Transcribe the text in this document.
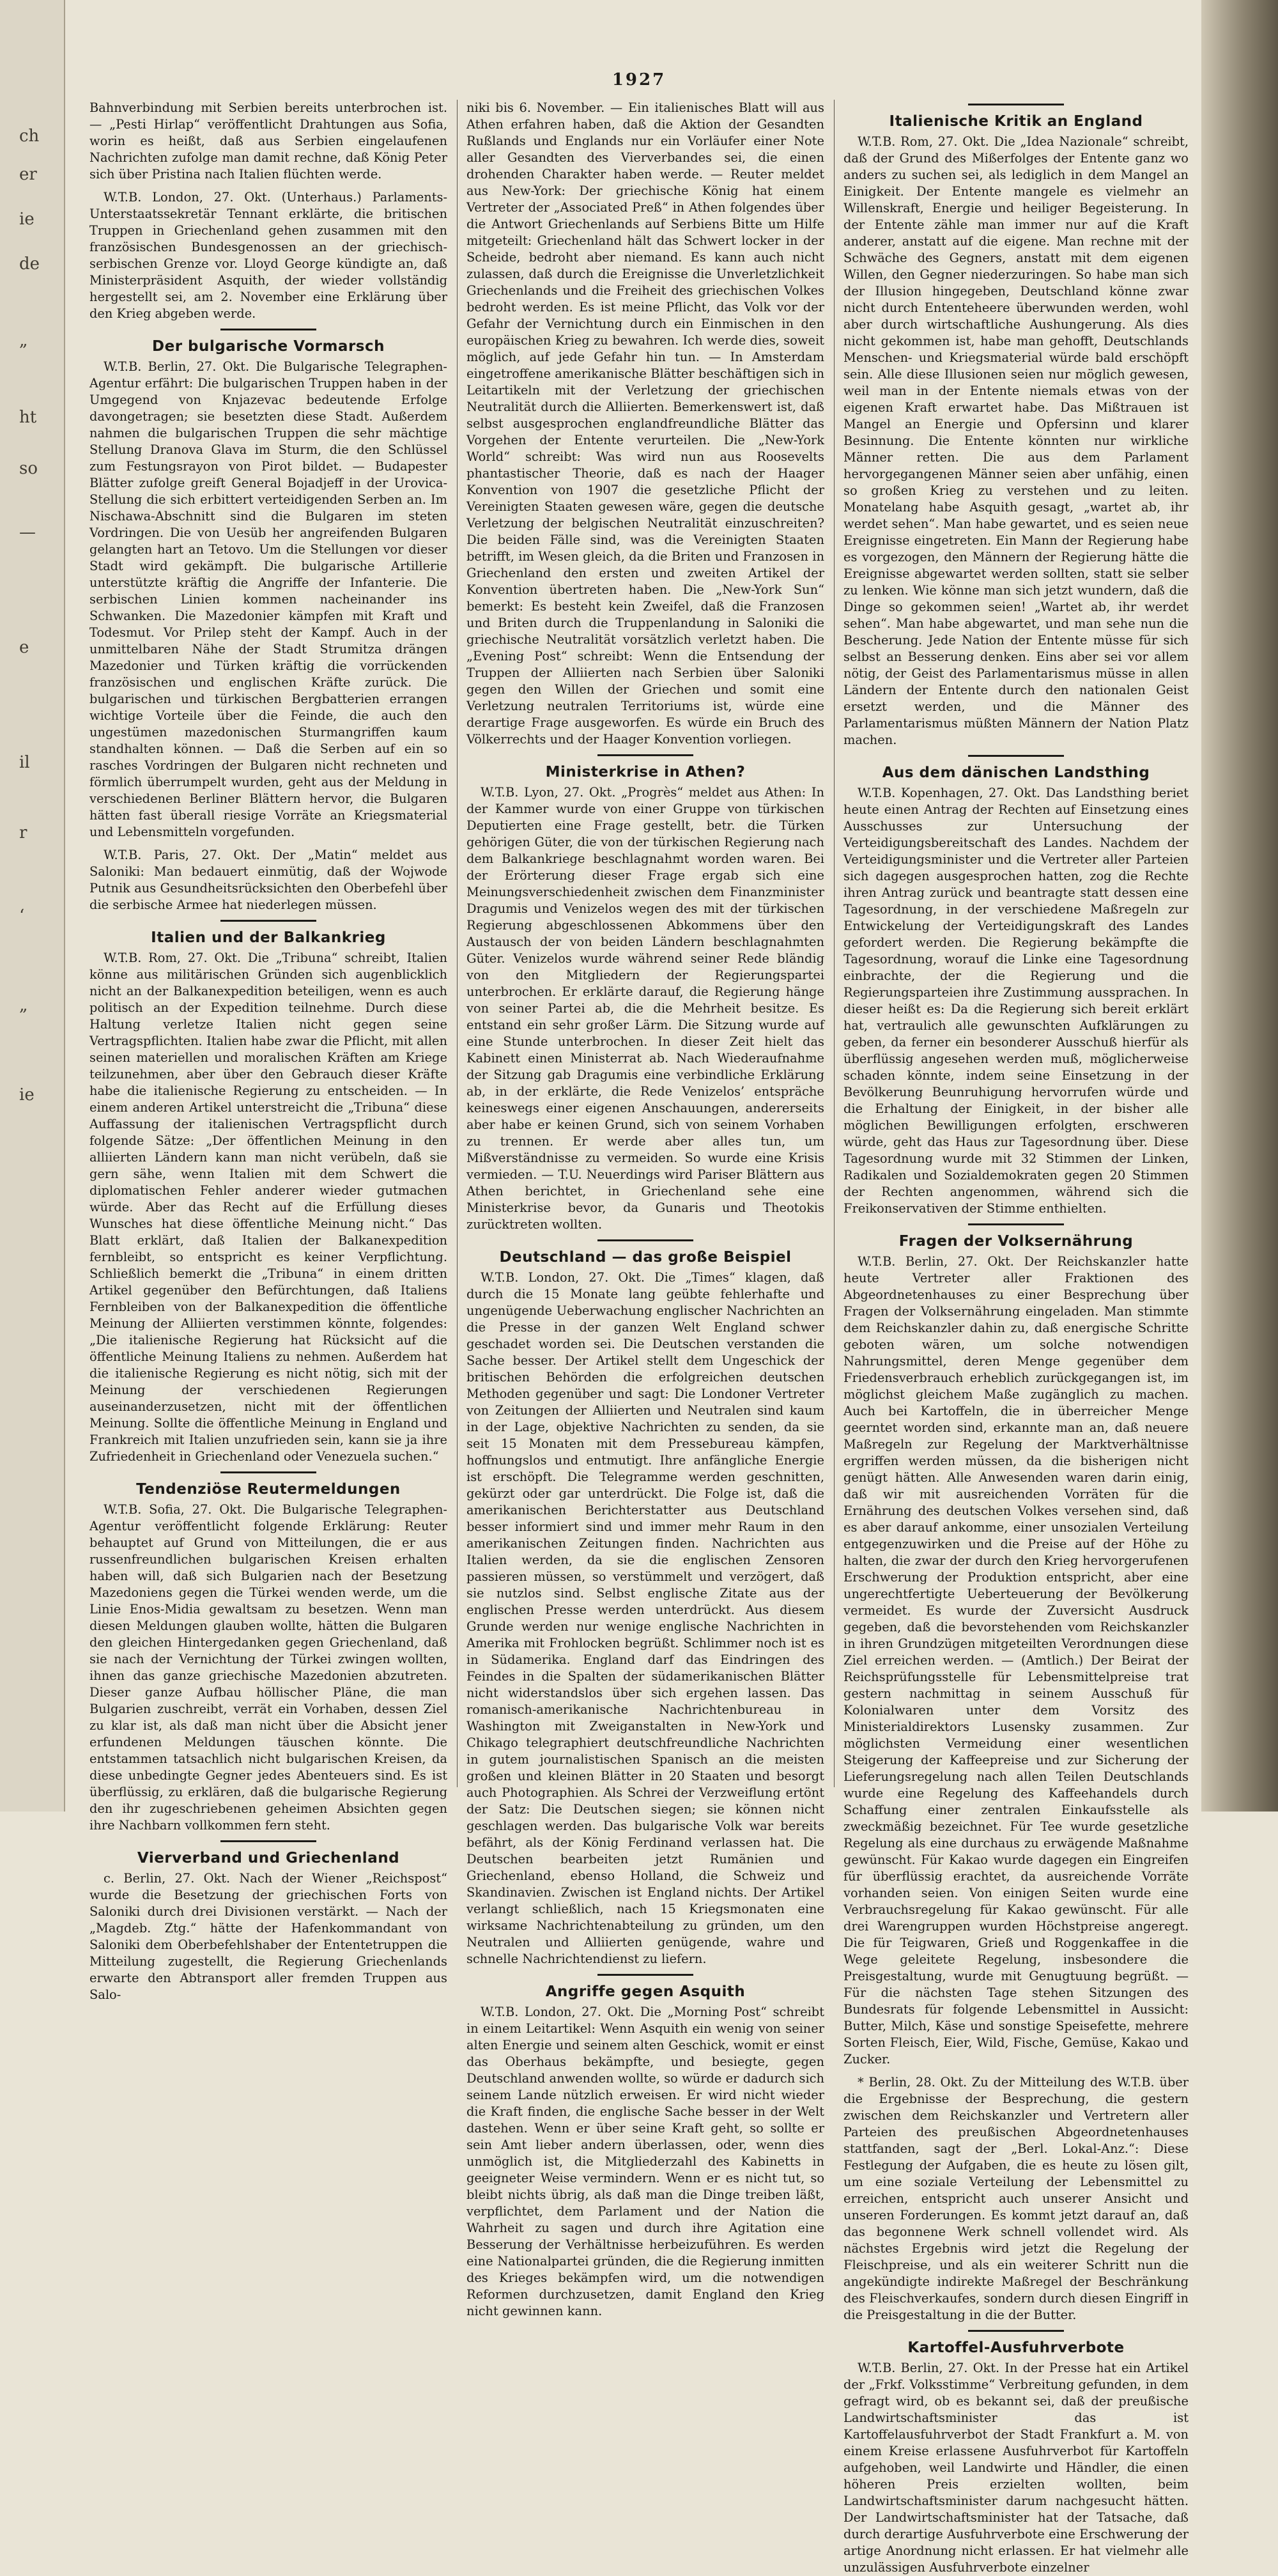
ch
er
ie
de
„
ht
so
—
e
il
r
‘
„
ie
1927

Bahnverbindung mit Serbien bereits unterbrochen ist. — „Pesti Hirlap“ veröffentlicht Drahtungen aus Sofia, worin es heißt, daß aus Serbien eingelaufenen Nachrichten zufolge man damit rechne, daß König Peter sich über Pristina nach Italien flüchten werde.

W.T.B. London, 27. Okt. (Unterhaus.) Parlaments-Unterstaatssekretär Tennant erklärte, die britischen Truppen in Griechenland gehen zusammen mit den französischen Bundesgenossen an der griechisch-serbischen Grenze vor. Lloyd George kündigte an, daß Ministerpräsident Asquith, der wieder vollständig hergestellt sei, am 2. November eine Erklärung über den Krieg abgeben werde.

Der bulgarische Vormarsch

W.T.B. Berlin, 27. Okt. Die Bulgarische Telegraphen-Agentur erfährt: Die bulgarischen Truppen haben in der Umgegend von Knjazevac bedeutende Erfolge davongetragen; sie besetzten diese Stadt. Außerdem nahmen die bulgarischen Truppen die sehr mächtige Stellung Dranova Glava im Sturm, die den Schlüssel zum Festungsrayon von Pirot bildet. — Budapester Blätter zufolge greift General Bojadjeff in der Urovica-Stellung die sich erbittert verteidigenden Serben an. Im Nischawa-Abschnitt sind die Bulgaren im steten Vordringen. Die von Uesüb her angreifenden Bulgaren gelangten hart an Tetovo. Um die Stellungen vor dieser Stadt wird gekämpft. Die bulgarische Artillerie unterstützte kräftig die Angriffe der Infanterie. Die serbischen Linien kommen nacheinander ins Schwanken. Die Mazedonier kämpfen mit Kraft und Todesmut. Vor Prilep steht der Kampf. Auch in der unmittelbaren Nähe der Stadt Strumitza drängen Mazedonier und Türken kräftig die vorrückenden französischen und englischen Kräfte zurück. Die bulgarischen und türkischen Bergbatterien errangen wichtige Vorteile über die Feinde, die auch den ungestümen mazedonischen Sturmangriffen kaum standhalten können. — Daß die Serben auf ein so rasches Vordringen der Bulgaren nicht rechneten und förmlich überrumpelt wurden, geht aus der Meldung in verschiedenen Berliner Blättern hervor, die Bulgaren hätten fast überall riesige Vorräte an Kriegsmaterial und Lebensmitteln vorgefunden.

W.T.B. Paris, 27. Okt. Der „Matin“ meldet aus Saloniki: Man bedauert einmütig, daß der Wojwode Putnik aus Gesundheitsrücksichten den Oberbefehl über die serbische Armee hat niederlegen müssen.

Italien und der Balkankrieg

W.T.B. Rom, 27. Okt. Die „Tribuna“ schreibt, Italien könne aus militärischen Gründen sich augenblicklich nicht an der Balkanexpedition beteiligen, wenn es auch politisch an der Expedition teilnehme. Durch diese Haltung verletze Italien nicht gegen seine Vertragspflichten. Italien habe zwar die Pflicht, mit allen seinen materiellen und moralischen Kräften am Kriege teilzunehmen, aber über den Gebrauch dieser Kräfte habe die italienische Regierung zu entscheiden. — In einem anderen Artikel unterstreicht die „Tribuna“ diese Auffassung der italienischen Vertragspflicht durch folgende Sätze: „Der öffentlichen Meinung in den alliierten Ländern kann man nicht verübeln, daß sie gern sähe, wenn Italien mit dem Schwert die diplomatischen Fehler anderer wieder gutmachen würde. Aber das Recht auf die Erfüllung dieses Wunsches hat diese öffentliche Meinung nicht.“ Das Blatt erklärt, daß Italien der Balkanexpedition fernbleibt, so entspricht es keiner Verpflichtung. Schließlich bemerkt die „Tribuna“ in einem dritten Artikel gegenüber den Befürchtungen, daß Italiens Fernbleiben von der Balkanexpedition die öffentliche Meinung der Alliierten verstimmen könnte, folgendes: „Die italienische Regierung hat Rücksicht auf die öffentliche Meinung Italiens zu nehmen. Außerdem hat die italienische Regierung es nicht nötig, sich mit der Meinung der verschiedenen Regierungen auseinanderzusetzen, nicht mit der öffentlichen Meinung. Sollte die öffentliche Meinung in England und Frankreich mit Italien unzufrieden sein, kann sie ja ihre Zufriedenheit in Griechenland oder Venezuela suchen.“

Tendenziöse Reutermeldungen

W.T.B. Sofia, 27. Okt. Die Bulgarische Telegraphen-Agentur veröffentlicht folgende Erklärung: Reuter behauptet auf Grund von Mitteilungen, die er aus russenfreundlichen bulgarischen Kreisen erhalten haben will, daß sich Bulgarien nach der Besetzung Mazedoniens gegen die Türkei wenden werde, um die Linie Enos-Midia gewaltsam zu besetzen. Wenn man diesen Meldungen glauben wollte, hätten die Bulgaren den gleichen Hintergedanken gegen Griechenland, daß sie nach der Vernichtung der Türkei zwingen wollten, ihnen das ganze griechische Mazedonien abzutreten. Dieser ganze Aufbau höllischer Pläne, die man Bulgarien zuschreibt, verrät ein Vorhaben, dessen Ziel zu klar ist, als daß man nicht über die Absicht jener erfundenen Meldungen täuschen könnte. Die entstammen tatsachlich nicht bulgarischen Kreisen, da diese unbedingte Gegner jedes Abenteuers sind. Es ist überflüssig, zu erklären, daß die bulgarische Regierung den ihr zugeschriebenen geheimen Absichten gegen ihre Nachbarn vollkommen fern steht.

Vierverband und Griechenland

c. Berlin, 27. Okt. Nach der Wiener „Reichspost“ wurde die Besetzung der griechischen Forts von Saloniki durch drei Divisionen verstärkt. — Nach der „Magdeb. Ztg.“ hätte der Hafenkommandant von Saloniki dem Oberbefehlshaber der Ententetruppen die Mitteilung zugestellt, die Regierung Griechenlands erwarte den Abtransport aller fremden Truppen aus Salo-

niki bis 6. November. — Ein italienisches Blatt will aus Athen erfahren haben, daß die Aktion der Gesandten Rußlands und Englands nur ein Vorläufer einer Note aller Gesandten des Vierverbandes sei, die einen drohenden Charakter haben werde. — Reuter meldet aus New-York: Der griechische König hat einem Vertreter der „Associated Preß“ in Athen folgendes über die Antwort Griechenlands auf Serbiens Bitte um Hilfe mitgeteilt: Griechenland hält das Schwert locker in der Scheide, bedroht aber niemand. Es kann auch nicht zulassen, daß durch die Ereignisse die Unverletzlichkeit Griechenlands und die Freiheit des griechischen Volkes bedroht werden. Es ist meine Pflicht, das Volk vor der Gefahr der Vernichtung durch ein Einmischen in den europäischen Krieg zu bewahren. Ich werde dies, soweit möglich, auf jede Gefahr hin tun. — In Amsterdam eingetroffene amerikanische Blätter beschäftigen sich in Leitartikeln mit der Verletzung der griechischen Neutralität durch die Alliierten. Bemerkenswert ist, daß selbst ausgesprochen englandfreundliche Blätter das Vorgehen der Entente verurteilen. Die „New-York World“ schreibt: Was wird nun aus Roosevelts phantastischer Theorie, daß es nach der Haager Konvention von 1907 die gesetzliche Pflicht der Vereinigten Staaten gewesen wäre, gegen die deutsche Verletzung der belgischen Neutralität einzuschreiten? Die beiden Fälle sind, was die Vereinigten Staaten betrifft, im Wesen gleich, da die Briten und Franzosen in Griechenland den ersten und zweiten Artikel der Konvention übertreten haben. Die „New-York Sun“ bemerkt: Es besteht kein Zweifel, daß die Franzosen und Briten durch die Truppenlandung in Saloniki die griechische Neutralität vorsätzlich verletzt haben. Die „Evening Post“ schreibt: Wenn die Entsendung der Truppen der Alliierten nach Serbien über Saloniki gegen den Willen der Griechen und somit eine Verletzung neutralen Territoriums ist, würde eine derartige Frage ausgeworfen. Es würde ein Bruch des Völkerrechts und der Haager Konvention vorliegen.

Ministerkrise in Athen?

W.T.B. Lyon, 27. Okt. „Progrès“ meldet aus Athen: In der Kammer wurde von einer Gruppe von türkischen Deputierten eine Frage gestellt, betr. die Türken gehörigen Güter, die von der türkischen Regierung nach dem Balkankriege beschlagnahmt worden waren. Bei der Erörterung dieser Frage ergab sich eine Meinungsverschiedenheit zwischen dem Finanzminister Dragumis und Venizelos wegen des mit der türkischen Regierung abgeschlossenen Abkommens über den Austausch der von beiden Ländern beschlagnahmten Güter. Venizelos wurde während seiner Rede bländig von den Mitgliedern der Regierungspartei unterbrochen. Er erklärte darauf, die Regierung hänge von seiner Partei ab, die die Mehrheit besitze. Es entstand ein sehr großer Lärm. Die Sitzung wurde auf eine Stunde unterbrochen. In dieser Zeit hielt das Kabinett einen Ministerrat ab. Nach Wiederaufnahme der Sitzung gab Dragumis eine verbindliche Erklärung ab, in der erklärte, die Rede Venizelos’ entspräche keineswegs einer eigenen Anschauungen, andererseits aber habe er keinen Grund, sich von seinem Vorhaben zu trennen. Er werde aber alles tun, um Mißverständnisse zu vermeiden. So wurde eine Krisis vermieden. — T.U. Neuerdings wird Pariser Blättern aus Athen berichtet, in Griechenland sehe eine Ministerkrise bevor, da Gunaris und Theotokis zurücktreten wollten.

Deutschland — das große Beispiel

W.T.B. London, 27. Okt. Die „Times“ klagen, daß durch die 15 Monate lang geübte fehlerhafte und ungenügende Ueberwachung englischer Nachrichten an die Presse in der ganzen Welt England schwer geschadet worden sei. Die Deutschen verstanden die Sache besser. Der Artikel stellt dem Ungeschick der britischen Behörden die erfolgreichen deutschen Methoden gegenüber und sagt: Die Londoner Vertreter von Zeitungen der Alliierten und Neutralen sind kaum in der Lage, objektive Nachrichten zu senden, da sie seit 15 Monaten mit dem Pressebureau kämpfen, hoffnungslos und entmutigt. Ihre anfängliche Energie ist erschöpft. Die Telegramme werden geschnitten, gekürzt oder gar unterdrückt. Die Folge ist, daß die amerikanischen Berichterstatter aus Deutschland besser informiert sind und immer mehr Raum in den amerikanischen Zeitungen finden. Nachrichten aus Italien werden, da sie die englischen Zensoren passieren müssen, so verstümmelt und verzögert, daß sie nutzlos sind. Selbst englische Zitate aus der englischen Presse werden unterdrückt. Aus diesem Grunde werden nur wenige englische Nachrichten in Amerika mit Frohlocken begrüßt. Schlimmer noch ist es in Südamerika. England darf das Eindringen des Feindes in die Spalten der südamerikanischen Blätter nicht widerstandslos über sich ergehen lassen. Das romanisch-amerikanische Nachrichtenbureau in Washington mit Zweiganstalten in New-York und Chikago telegraphiert deutschfreundliche Nachrichten in gutem journalistischen Spanisch an die meisten großen und kleinen Blätter in 20 Staaten und besorgt auch Photographien. Als Schrei der Verzweiflung ertönt der Satz: Die Deutschen siegen; sie können nicht geschlagen werden. Das bulgarische Volk war bereits befährt, als der König Ferdinand verlassen hat. Die Deutschen bearbeiten jetzt Rumänien und Griechenland, ebenso Holland, die Schweiz und Skandinavien. Zwischen ist England nichts. Der Artikel verlangt schließlich, nach 15 Kriegsmonaten eine wirksame Nachrichtenabteilung zu gründen, um den Neutralen und Alliierten genügende, wahre und schnelle Nachrichtendienst zu liefern.

Angriffe gegen Asquith

W.T.B. London, 27. Okt. Die „Morning Post“ schreibt in einem Leitartikel: Wenn Asquith ein wenig von seiner alten Energie und seinem alten Geschick, womit er einst das Oberhaus bekämpfte, und besiegte, gegen Deutschland anwenden wollte, so würde er dadurch sich seinem Lande nützlich erweisen. Er wird nicht wieder die Kraft finden, die englische Sache besser in der Welt dastehen. Wenn er über seine Kraft geht, so sollte er sein Amt lieber andern überlassen, oder, wenn dies unmöglich ist, die Mitgliederzahl des Kabinetts in geeigneter Weise vermindern. Wenn er es nicht tut, so bleibt nichts übrig, als daß man die Dinge treiben läßt, verpflichtet, dem Parlament und der Nation die Wahrheit zu sagen und durch ihre Agitation eine Besserung der Verhältnisse herbeizuführen. Es werden eine Nationalpartei gründen, die die Regierung inmitten des Krieges bekämpfen wird, um die notwendigen Reformen durchzusetzen, damit England den Krieg nicht gewinnen kann.

Italienische Kritik an England

W.T.B. Rom, 27. Okt. Die „Idea Nazionale“ schreibt, daß der Grund des Mißerfolges der Entente ganz wo anders zu suchen sei, als lediglich in dem Mangel an Einigkeit. Der Entente mangele es vielmehr an Willenskraft, Energie und heiliger Begeisterung. In der Entente zähle man immer nur auf die Kraft anderer, anstatt auf die eigene. Man rechne mit der Schwäche des Gegners, anstatt mit dem eigenen Willen, den Gegner niederzuringen. So habe man sich der Illusion hingegeben, Deutschland könne zwar nicht durch Ententeheere überwunden werden, wohl aber durch wirtschaftliche Aushungerung. Als dies nicht gekommen ist, habe man gehofft, Deutschlands Menschen- und Kriegsmaterial würde bald erschöpft sein. Alle diese Illusionen seien nur möglich gewesen, weil man in der Entente niemals etwas von der eigenen Kraft erwartet habe. Das Mißtrauen ist Mangel an Energie und Opfersinn und klarer Besinnung. Die Entente könnten nur wirkliche Männer retten. Die aus dem Parlament hervorgegangenen Männer seien aber unfähig, einen so großen Krieg zu verstehen und zu leiten. Monatelang habe Asquith gesagt, „wartet ab, ihr werdet sehen“. Man habe gewartet, und es seien neue Ereignisse eingetreten. Ein Mann der Regierung habe es vorgezogen, den Männern der Regierung hätte die Ereignisse abgewartet werden sollten, statt sie selber zu lenken. Wie könne man sich jetzt wundern, daß die Dinge so gekommen seien! „Wartet ab, ihr werdet sehen“. Man habe abgewartet, und man sehe nun die Bescherung. Jede Nation der Entente müsse für sich selbst an Besserung denken. Eins aber sei vor allem nötig, der Geist des Parlamentarismus müsse in allen Ländern der Entente durch den nationalen Geist ersetzt werden, und die Männer des Parlamentarismus müßten Männern der Nation Platz machen.

Aus dem dänischen Landsthing

W.T.B. Kopenhagen, 27. Okt. Das Landsthing beriet heute einen Antrag der Rechten auf Einsetzung eines Ausschusses zur Untersuchung der Verteidigungsbereitschaft des Landes. Nachdem der Verteidigungsminister und die Vertreter aller Parteien sich dagegen ausgesprochen hatten, zog die Rechte ihren Antrag zurück und beantragte statt dessen eine Tagesordnung, in der verschiedene Maßregeln zur Entwickelung der Verteidigungskraft des Landes gefordert werden. Die Regierung bekämpfte die Tagesordnung, worauf die Linke eine Tagesordnung einbrachte, der die Regierung und die Regierungsparteien ihre Zustimmung aussprachen. In dieser heißt es: Da die Regierung sich bereit erklärt hat, vertraulich alle gewunschten Aufklärungen zu geben, da ferner ein besonderer Ausschuß hierfür als überflüssig angesehen werden muß, möglicherweise schaden könnte, indem seine Einsetzung in der Bevölkerung Beunruhigung hervorrufen würde und die Erhaltung der Einigkeit, in der bisher alle möglichen Bewilligungen erfolgten, erschweren würde, geht das Haus zur Tagesordnung über. Diese Tagesordnung wurde mit 32 Stimmen der Linken, Radikalen und Sozialdemokraten gegen 20 Stimmen der Rechten angenommen, während sich die Freikonservativen der Stimme enthielten.

Fragen der Volksernährung

W.T.B. Berlin, 27. Okt. Der Reichskanzler hatte heute Vertreter aller Fraktionen des Abgeordnetenhauses zu einer Besprechung über Fragen der Volksernährung eingeladen. Man stimmte dem Reichskanzler dahin zu, daß energische Schritte geboten wären, um solche notwendigen Nahrungsmittel, deren Menge gegenüber dem Friedensverbrauch erheblich zurückgegangen ist, im möglichst gleichem Maße zugänglich zu machen. Auch bei Kartoffeln, die in überreicher Menge geerntet worden sind, erkannte man an, daß neuere Maßregeln zur Regelung der Marktverhältnisse ergriffen werden müssen, da die bisherigen nicht genügt hätten. Alle Anwesenden waren darin einig, daß wir mit ausreichenden Vorräten für die Ernährung des deutschen Volkes versehen sind, daß es aber darauf ankomme, einer unsozialen Verteilung entgegenzuwirken und die Preise auf der Höhe zu halten, die zwar der durch den Krieg hervorgerufenen Erschwerung der Produktion entspricht, aber eine ungerechtfertigte Ueberteuerung der Bevölkerung vermeidet. Es wurde der Zuversicht Ausdruck gegeben, daß die bevorstehenden vom Reichskanzler in ihren Grundzügen mitgeteilten Verordnungen diese Ziel erreichen werden. — (Amtlich.) Der Beirat der Reichsprüfungsstelle für Lebensmittelpreise trat gestern nachmittag in seinem Ausschuß für Kolonialwaren unter dem Vorsitz des Ministerialdirektors Lusensky zusammen. Zur möglichsten Vermeidung einer wesentlichen Steigerung der Kaffeepreise und zur Sicherung der Lieferungsregelung nach allen Teilen Deutschlands wurde eine Regelung des Kaffeehandels durch Schaffung einer zentralen Einkaufsstelle als zweckmäßig bezeichnet. Für Tee wurde gesetzliche Regelung als eine durchaus zu erwägende Maßnahme gewünscht. Für Kakao wurde dagegen ein Eingreifen für überflüssig erachtet, da ausreichende Vorräte vorhanden seien. Von einigen Seiten wurde eine Verbrauchsregelung für Kakao gewünscht. Für alle drei Warengruppen wurden Höchstpreise angeregt. Die für Teigwaren, Grieß und Roggenkaffee in die Wege geleitete Regelung, insbesondere die Preisgestaltung, wurde mit Genugtuung begrüßt. — Für die nächsten Tage stehen Sitzungen des Bundesrats für folgende Lebensmittel in Aussicht: Butter, Milch, Käse und sonstige Speisefette, mehrere Sorten Fleisch, Eier, Wild, Fische, Gemüse, Kakao und Zucker.

* Berlin, 28. Okt. Zu der Mitteilung des W.T.B. über die Ergebnisse der Besprechung, die gestern zwischen dem Reichskanzler und Vertretern aller Parteien des preußischen Abgeordnetenhauses stattfanden, sagt der „Berl. Lokal-Anz.“: Diese Festlegung der Aufgaben, die es heute zu lösen gilt, um eine soziale Verteilung der Lebensmittel zu erreichen, entspricht auch unserer Ansicht und unseren Forderungen. Es kommt jetzt darauf an, daß das begonnene Werk schnell vollendet wird. Als nächstes Ergebnis wird jetzt die Regelung der Fleischpreise, und als ein weiterer Schritt nun die angekündigte indirekte Maßregel der Beschränkung des Fleischverkaufes, sondern durch diesen Eingriff in die Preisgestaltung in die der Butter.

Kartoffel-Ausfuhrverbote

W.T.B. Berlin, 27. Okt. In der Presse hat ein Artikel der „Frkf. Volksstimme“ Verbreitung gefunden, in dem gefragt wird, ob es bekannt sei, daß der preußische Landwirtschaftsminister das ist Kartoffelausfuhrverbot der Stadt Frankfurt a. M. von einem Kreise erlassene Ausfuhrverbot für Kartoffeln aufgehoben, weil Landwirte und Händler, die einen höheren Preis erzielten wollten, beim Landwirtschaftsminister darum nachgesucht hätten. Der Landwirtschaftsminister hat der Tatsache, daß durch derartige Ausfuhrverbote eine Erschwerung der artige Anordnung nicht erlassen. Er hat vielmehr alle unzulässigen Ausfuhrverbote einzelner
